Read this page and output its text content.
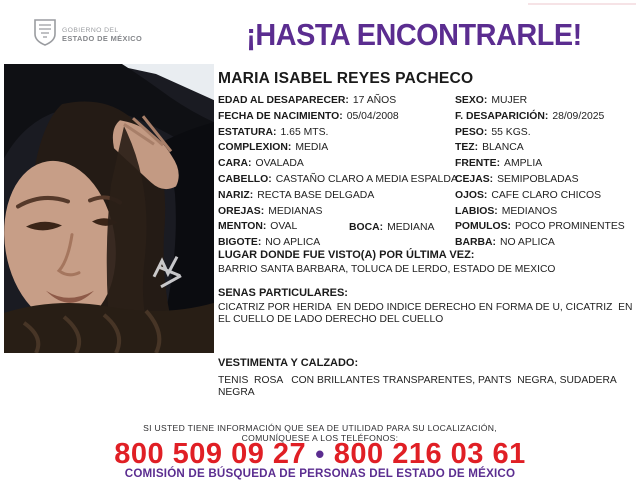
GOBIERNO DEL
ESTADO DE MÉXICO	¡HASTA ENCONTRARLE!
MARIA ISABEL REYES PACHECO
EDAD AL DESAPARECER: 17 AÑOS
FECHA DE NACIMIENTO: 05/04/2008
ESTATURA: 1.65 MTS.
COMPLEXION: MEDIA
CARA: OVALADA
CABELLO: CASTAÑO CLARO A MEDIA ESPALDA
NARIZ: RECTA BASE DELGADA
OREJAS: MEDIANAS
MENTON: OVAL
BIGOTE: NO APLICA
BOCA: MEDIANA
SEXO: MUJER
F. DESAPARICIÓN: 28/09/2025
PESO: 55 KGS.
TEZ: BLANCA
FRENTE: AMPLIA
CEJAS: SEMIPOBLADAS
OJOS: CAFE CLARO CHICOS
LABIOS: MEDIANOS
POMULOS: POCO PROMINENTES
BARBA: NO APLICA
LUGAR DONDE FUE VISTO(A) POR ÚLTIMA VEZ:
BARRIO SANTA BARBARA, TOLUCA DE LERDO, ESTADO DE MEXICO
SENAS PARTICULARES:
CICATRIZ POR HERIDA  EN DEDO INDICE DERECHO EN FORMA DE U, CICATRIZ  EN EL CUELLO DE LADO DERECHO DEL CUELLO
VESTIMENTA Y CALZADO:
TENIS  ROSA   CON BRILLANTES TRANSPARENTES, PANTS  NEGRA, SUDADERA  NEGRA
SI USTED TIENE INFORMACIÓN QUE SEA DE UTILIDAD PARA SU LOCALIZACIÓN,
COMUNÍQUESE A LOS TELÉFONOS:
800 509 09 27 • 800 216 03 61
COMISIÓN DE BÚSQUEDA DE PERSONAS DEL ESTADO DE MÉXICO
